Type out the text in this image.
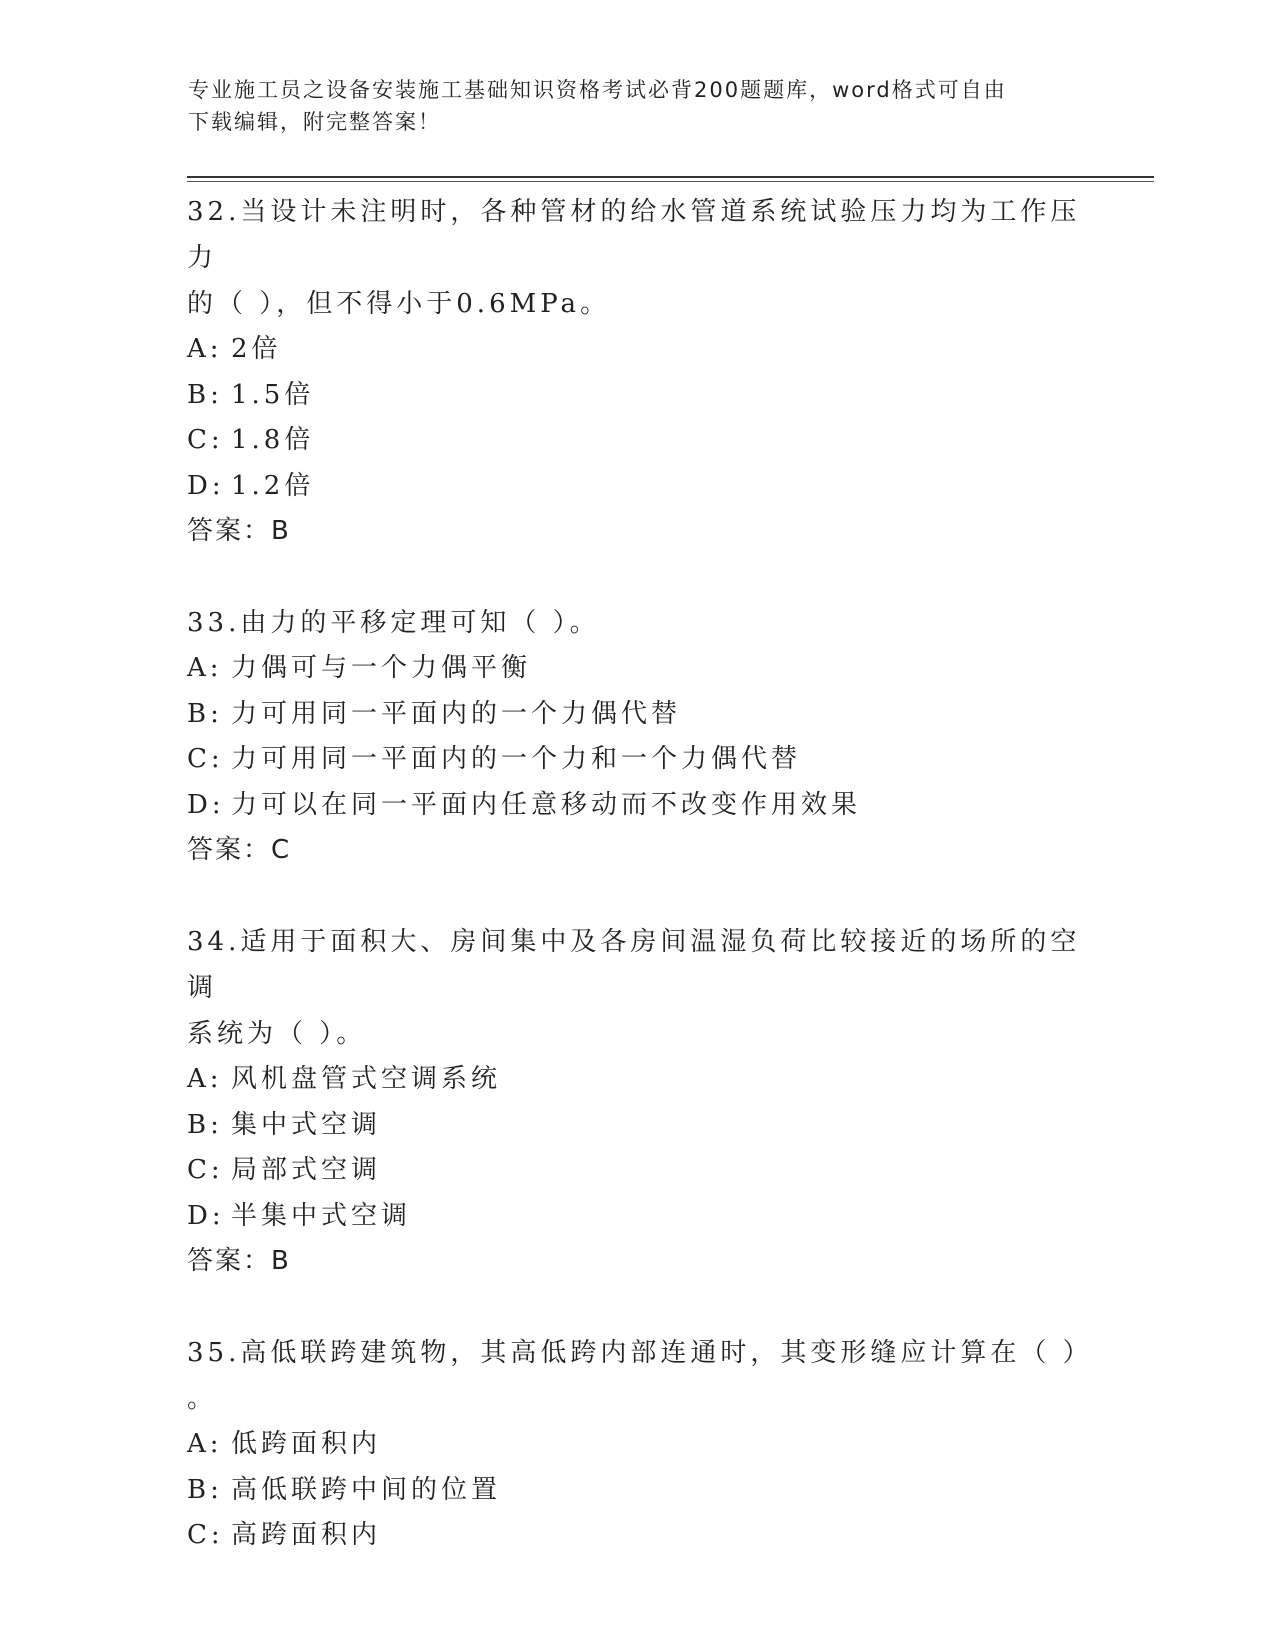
专业施工员之设备安装施工基础知识资格考试必背200题题库，word格式可自由
下载编辑，附完整答案！

32.当设计未注明时，各种管材的给水管道系统试验压力均为工作压力

的（ ），但不得小于0.6MPa。

A: 2倍

B: 1.5倍

C: 1.8倍

D: 1.2倍

答案：B

33.由力的平移定理可知（ ）。

A: 力偶可与一个力偶平衡

B: 力可用同一平面内的一个力偶代替

C: 力可用同一平面内的一个力和一个力偶代替

D: 力可以在同一平面内任意移动而不改变作用效果

答案：C

34.适用于面积大、房间集中及各房间温湿负荷比较接近的场所的空调

系统为（ ）。

A: 风机盘管式空调系统

B: 集中式空调

C: 局部式空调

D: 半集中式空调

答案：B

35.高低联跨建筑物，其高低跨内部连通时，其变形缝应计算在（ ）

。

A: 低跨面积内

B: 高低联跨中间的位置

C: 高跨面积内
